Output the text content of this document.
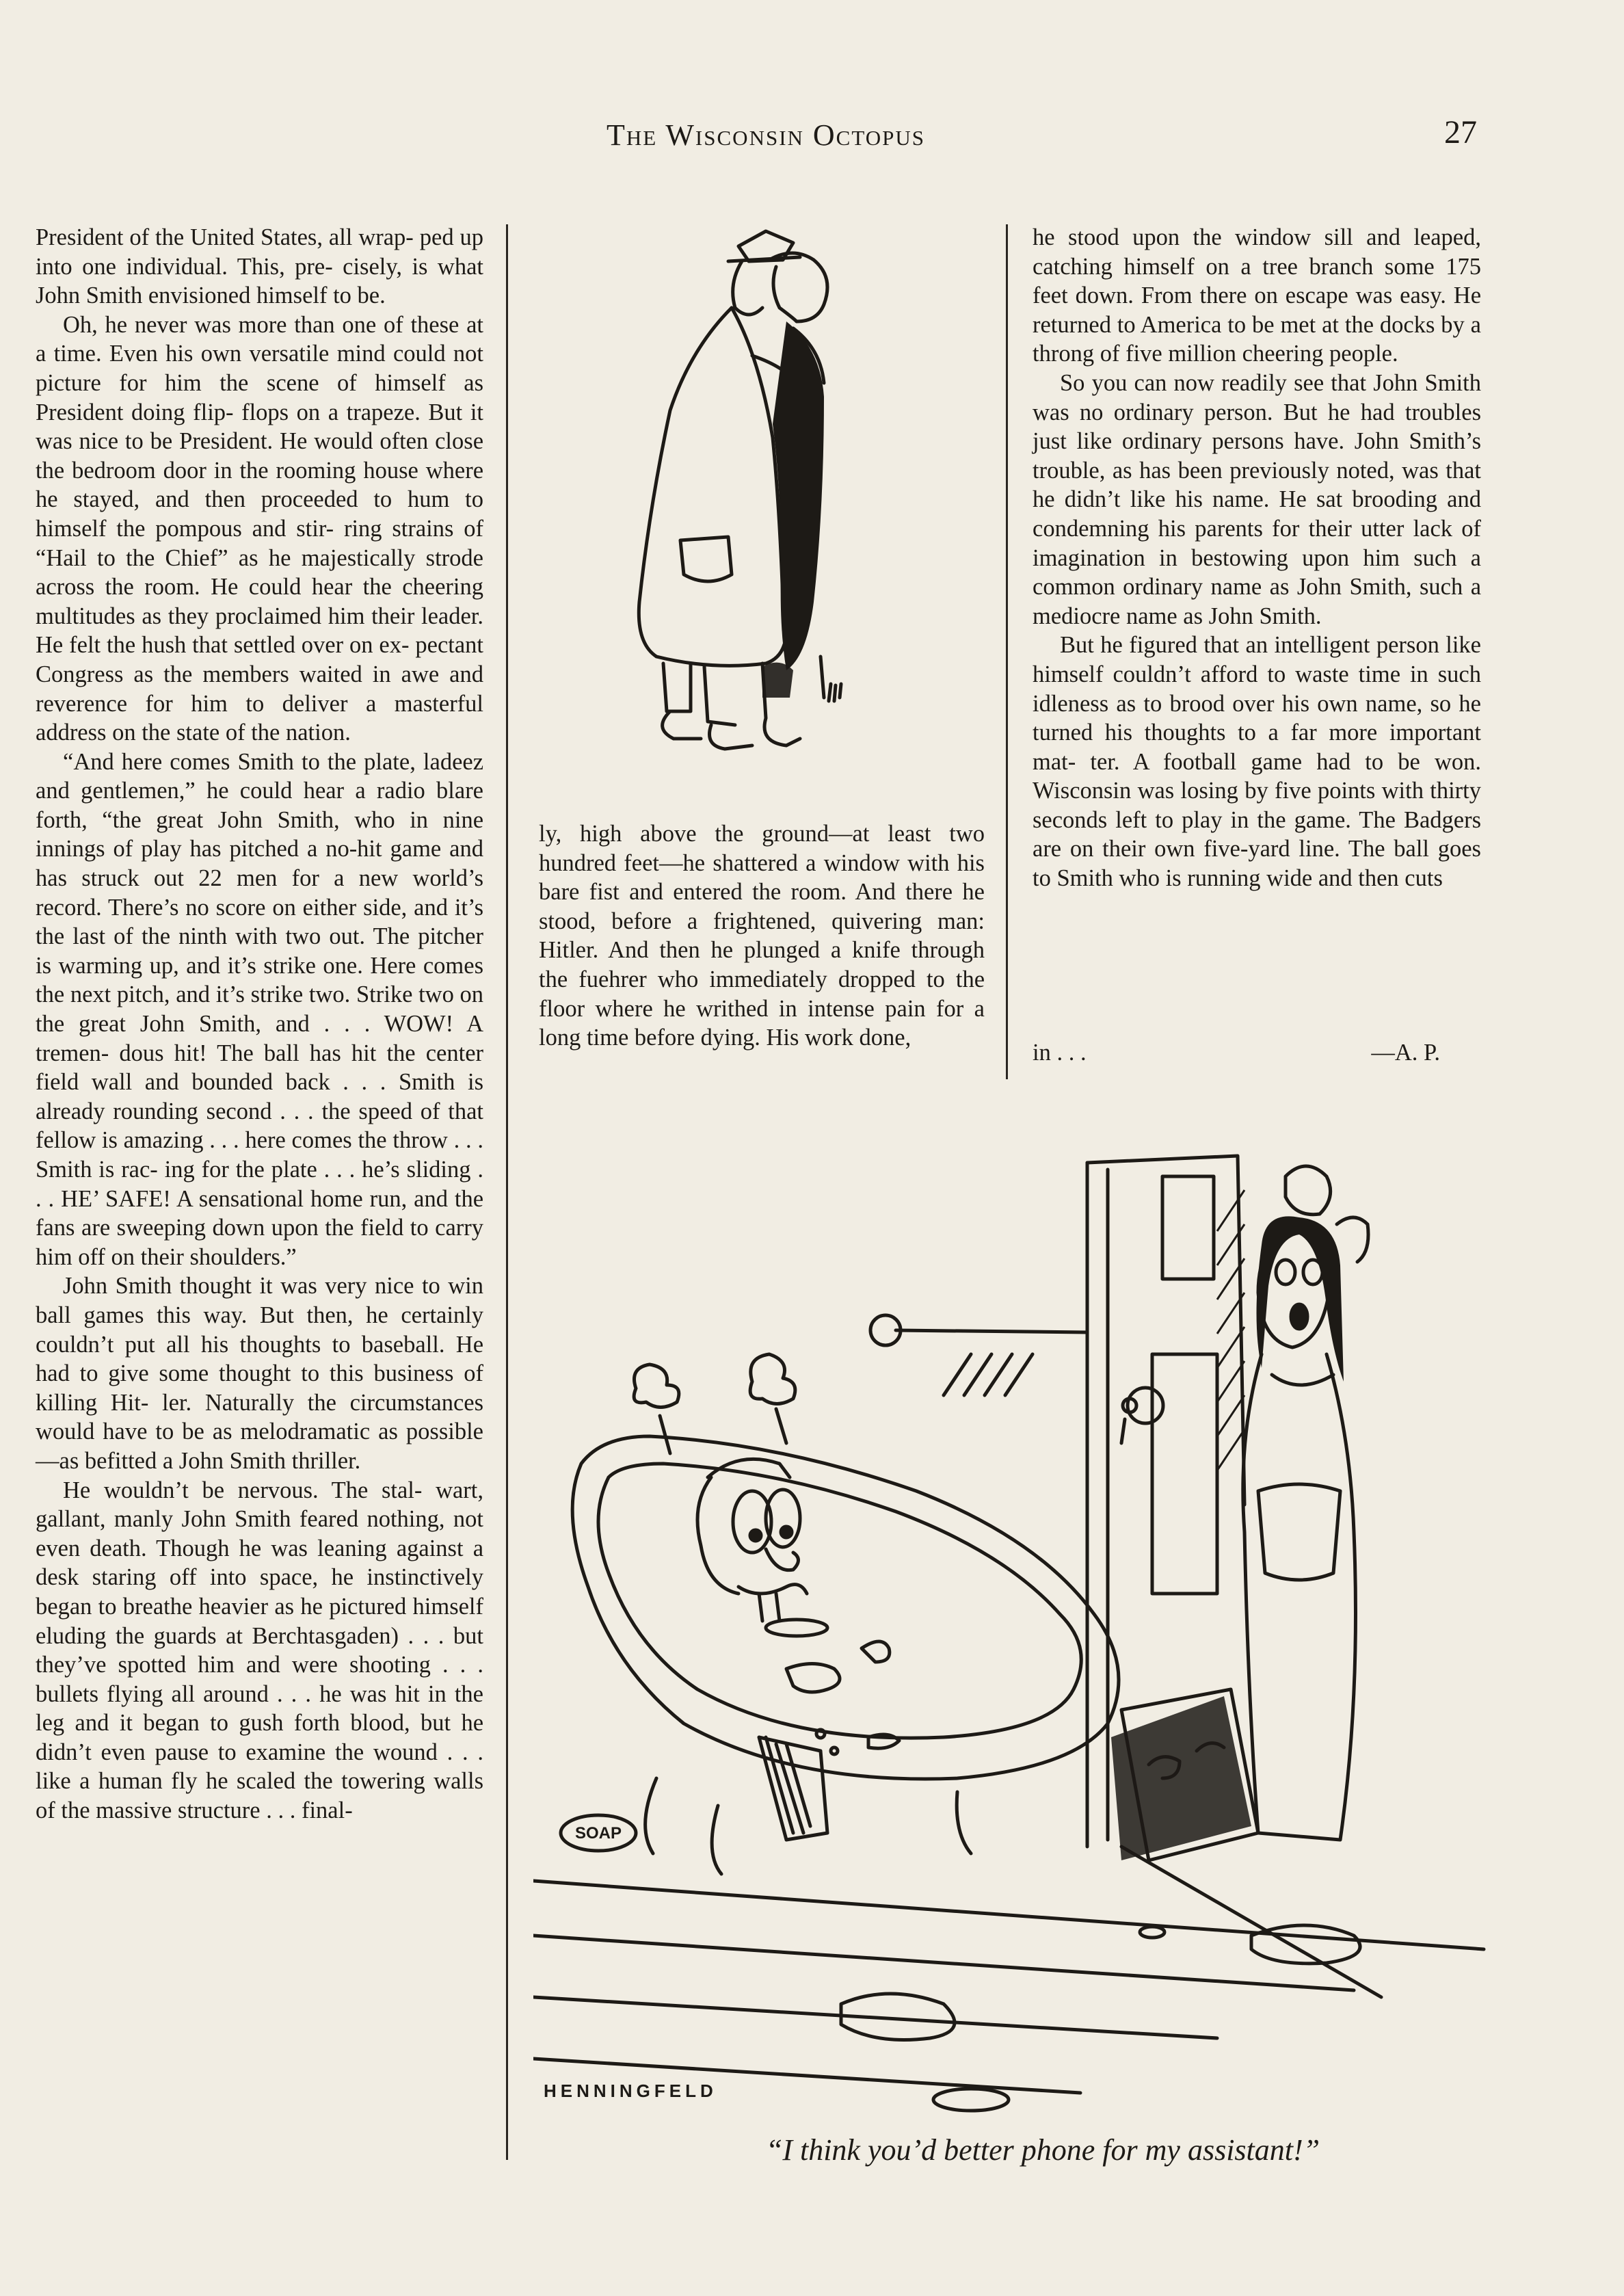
The Wisconsin Octopus	27

President of the United States, all wrap- ped up into one individual. This, pre- cisely, is what John Smith envisioned himself to be.

Oh, he never was more than one of these at a time. Even his own versatile mind could not picture for him the scene of himself as President doing flip- flops on a trapeze. But it was nice to be President. He would often close the bedroom door in the rooming house where he stayed, and then proceeded to hum to himself the pompous and stir- ring strains of “Hail to the Chief” as he majestically strode across the room. He could hear the cheering multitudes as they proclaimed him their leader. He felt the hush that settled over on ex- pectant Congress as the members waited in awe and reverence for him to deliver a masterful address on the state of the nation.

“And here comes Smith to the plate, ladeez and gentlemen,” he could hear a radio blare forth, “the great John Smith, who in nine innings of play has pitched a no-hit game and has struck out 22 men for a new world’s record. There’s no score on either side, and it’s the last of the ninth with two out. The pitcher is warming up, and it’s strike one. Here comes the next pitch, and it’s strike two. Strike two on the great John Smith, and . . . WOW! A tremen- dous hit! The ball has hit the center field wall and bounded back . . . Smith is already rounding second . . . the speed of that fellow is amazing . . . here comes the throw . . . Smith is rac- ing for the plate . . . he’s sliding . . . HE’ SAFE! A sensational home run, and the fans are sweeping down upon the field to carry him off on their shoulders.”

John Smith thought it was very nice to win ball games this way. But then, he certainly couldn’t put all his thoughts to baseball. He had to give some thought to this business of killing Hit- ler. Naturally the circumstances would have to be as melodramatic as possible —as befitted a John Smith thriller.

He wouldn’t be nervous. The stal- wart, gallant, manly John Smith feared nothing, not even death. Though he was leaning against a desk staring off into space, he instinctively began to breathe heavier as he pictured himself eluding the guards at Berchtasgaden) . . . but they’ve spotted him and were shooting . . . bullets flying all around . . . he was hit in the leg and it began to gush forth blood, but he didn’t even pause to examine the wound . . . like a human fly he scaled the towering walls of the massive structure . . . final-

ly, high above the ground—at least two hundred feet—he shattered a window with his bare fist and entered the room. And there he stood, before a frightened, quivering man: Hitler. And then he plunged a knife through the fuehrer who immediately dropped to the floor where he writhed in intense pain for a long time before dying. His work done,

he stood upon the window sill and leaped, catching himself on a tree branch some 175 feet down. From there on escape was easy. He returned to America to be met at the docks by a throng of five million cheering people.

So you can now readily see that John Smith was no ordinary person. But he had troubles just like ordinary persons have. John Smith’s trouble, as has been previously noted, was that he didn’t like his name. He sat brooding and condemning his parents for their utter lack of imagination in bestowing upon him such a common ordinary name as John Smith, such a mediocre name as John Smith.

But he figured that an intelligent person like himself couldn’t afford to waste time in such idleness as to brood over his own name, so he turned his thoughts to a far more important mat- ter. A football game had to be won. Wisconsin was losing by five points with thirty seconds left to play in the game. The Badgers are on their own five-yard line. The ball goes to Smith who is running wide and then cuts

in . . .	—A. P.
SOAP
HENNINGFELD
“I think you’d better phone for my assistant!”
